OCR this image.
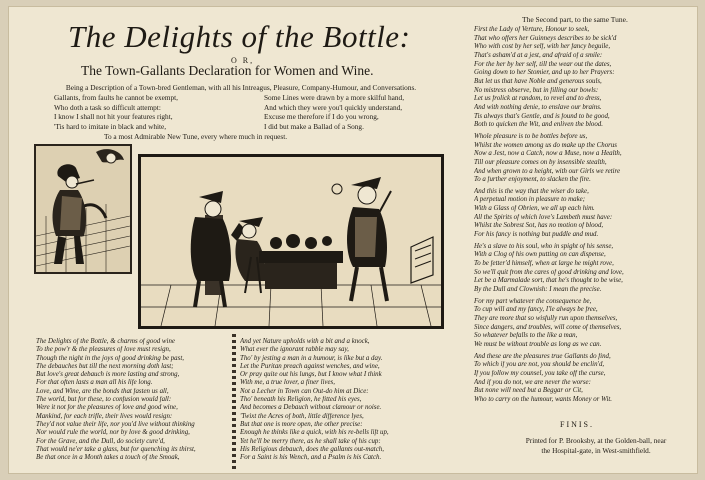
The Delights of the Bottle:
O R,
The Town-Gallants Declaration for Women and Wine.
Being a Description of a Town-bred Gentleman, with all his Intreagus, Pleasure, Company-Humour, and Conversations.
Gallants, from faults he cannot be exempt,
Who doth a task so difficult attempt:
I know I shall not hit your features right,
'Tis hard to imitate in black and white,
Some Lines were drawn by a more skilful hand,
And which they were you'l quickly understand,
Excuse me therefore if I do you wrong,
I did but make a Ballad of a Song.
To a most Admirable New Tune, every where much in request.
The Delights of the Bottle, & charms of good wine
To the pow'r & the pleasures of love must resign,
Though the night in the joys of good drinking be past,
The debauches but till the next morning doth last;
But love's great debauch is more lasting and strong,
For that often lasts a man all his life long.
Love, and Wine, are the bonds that fasten us all,
The world, but for these, to confusion would fall:
Were it not for the pleasures of love and good wine,
Mankind, for each trifle, their lives would resign:
They'd not value their life, nor you'd live without thinking
Nor would rule the world, nor by love & good drinking,
For the Grave, and the Dull, do society cure'd,
That would ne'er take a glass, but for quenching its thirst,
Be that once in a Month takes a touch of the Smoak,
And yet Nature upholds with a bit and a knock,
What ever the ignorant rabble may say,
Tho' by jesting a man in a humour, is like but a day.
Let the Puritan preach against wenches, and wine,
Or pray quite out his lungs, but I know what I think
With me, a true lover, a finer lives,
Not a Lecher in Town can Out-do him at Dice:
Tho' beneath his Religion, he fitted his eyes,
And becomes a Debauch without clamour or noise.
'Twixt the Acres of both, little difference lyes,
But that one is more open, the other precise:
Enough he thinks like a quick, with his re-bells lift up,
Yet he'll be merry there, as he shall take of his cup:
His Religious debauch, does the gallants out-match,
For a Saint is his Wench, and a Psalm is his Catch.
The Second part, to the same Tune.
First the Lady of Verture, Honour to seek,
That who offers her Guinneys describes to be sick'd
Who with cost by her self, with her fancy beguile,
That's asham'd at a jest, and afraid of a smile:
For the her by her self, till the wear out the dates,
Going down to her Stomier, and up to her Prayers:
But let us that have Noble and generous souls,
No mistress observe, but in filling our bowls:
Let us frolick at random, to revel and to dress,
And with nothing denie, to enslave our brains.
Tis always that's Gentle, and is found to be good,
Both to quicken the Wit, and enliven the blood.
Whole pleasure is to be bottles before us,
Whilst the women among us do make up the Chorus
Now a Jest, now a Catch, now a Muse, now a Health,
Till our pleasure comes on by insensible stealth,
And when grown to a height, with our Girls we retire
To a further enjoyment, to slacken the fire.
And this is the way that the wiser do take,
A perpetual motion in pleasure to make;
With a Glass of Obrien, we all up each him.
All the Spirits of which love's Lambeth must have:
Whilst the Sobrest Sot, has no motion of blood,
For his fancy is nothing but puddle and mud.
He's a slave to his soul, who in spight of his sense,
With a Clog of his own putting on can dispense,
To be fetter'd himself, when at large he might rove,
So we'll quit from the cares of good drinking and love,
Let be a Marmalade sort, that he's thought to be wise,
By the Dull and Clownish: I mean the precise.
For my part whatever the consequence be,
To cup will and my fancy, I'le always be free,
They are more that so wisfully run upon themselves,
Since dangers, and troubles, will come of themselves,
So whatever befalls to the like a man,
We must be without trouble as long as we can.
And these are the pleasures true Gallants do find,
To which if you are not, you should be enclin'd,
If you follow my counsel, you take off the curse,
And if you do not, we are never the worse:
But none will need but a Beggar or Cit,
Who to carry on the humour, wants Money or Wit.
FINIS.
Printed for P. Brooksby, at the Golden-ball, near
the Hospital-gate, in West-smithfield.
